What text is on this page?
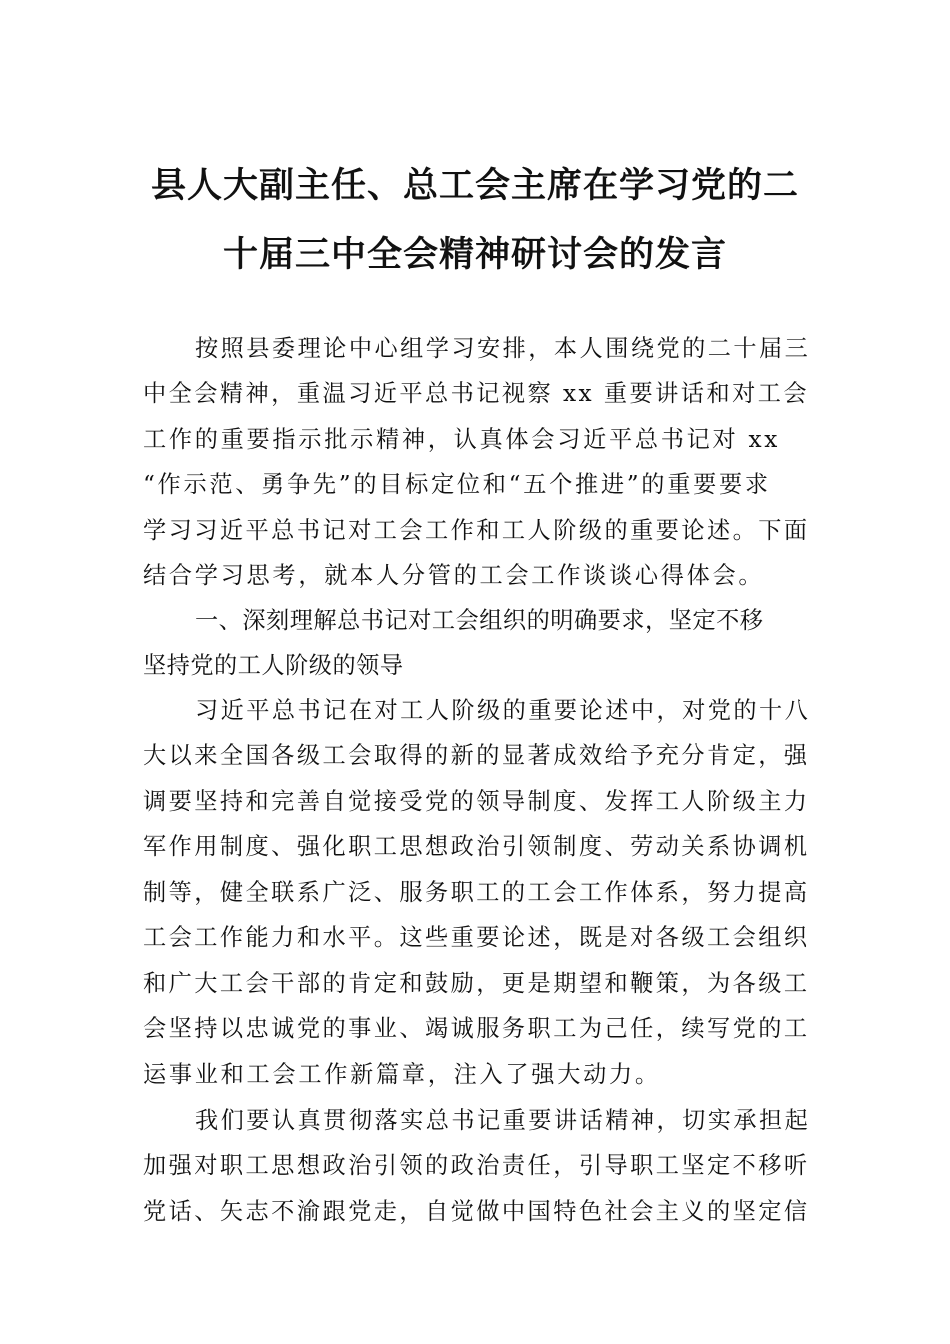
县人大副主任、总工会主席在学习党的二
十届三中全会精神研讨会的发言
按照县委理论中心组学习安排，本人围绕党的二十届三
中全会精神，重温习近平总书记视察 xx 重要讲话和对工会
工作的重要指示批示精神，认真体会习近平总书记对 xx
“作示范、勇争先”的目标定位和“五个推进”的重要要求
学习习近平总书记对工会工作和工人阶级的重要论述。下面
结合学习思考，就本人分管的工会工作谈谈心得体会。
一、深刻理解总书记对工会组织的明确要求，坚定不移
坚持党的工人阶级的领导
习近平总书记在对工人阶级的重要论述中，对党的十八
大以来全国各级工会取得的新的显著成效给予充分肯定，强
调要坚持和完善自觉接受党的领导制度、发挥工人阶级主力
军作用制度、强化职工思想政治引领制度、劳动关系协调机
制等，健全联系广泛、服务职工的工会工作体系，努力提高
工会工作能力和水平。这些重要论述，既是对各级工会组织
和广大工会干部的肯定和鼓励，更是期望和鞭策，为各级工
会坚持以忠诚党的事业、竭诚服务职工为己任，续写党的工
运事业和工会工作新篇章，注入了强大动力。
我们要认真贯彻落实总书记重要讲话精神，切实承担起
加强对职工思想政治引领的政治责任，引导职工坚定不移听
党话、矢志不渝跟党走，自觉做中国特色社会主义的坚定信
